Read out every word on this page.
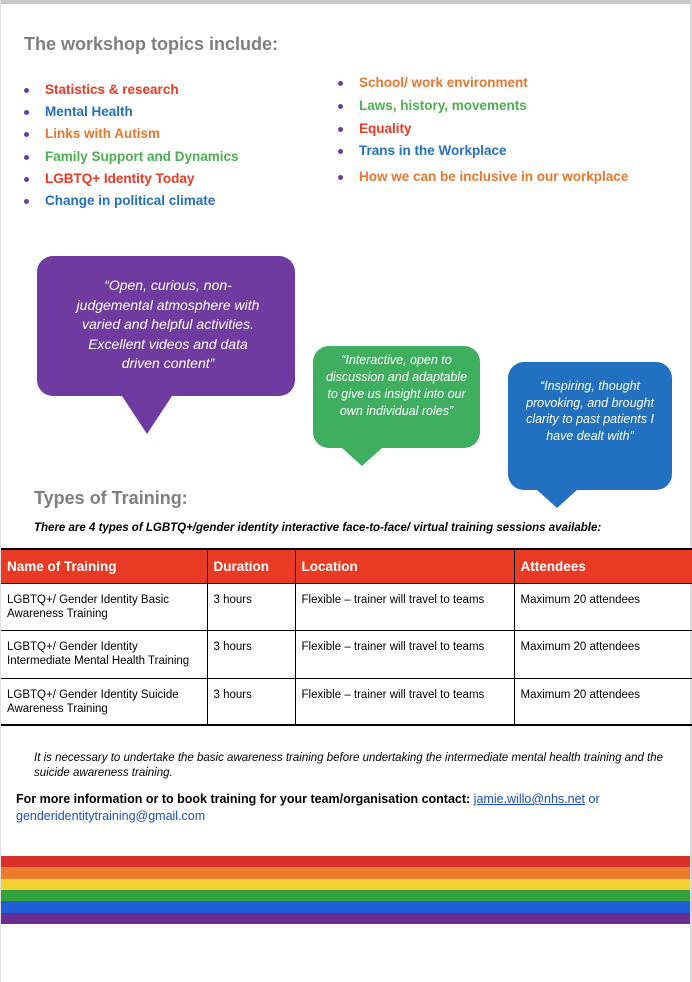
The workshop topics include:
Statistics & research
Mental Health
Links with Autism
Family Support and Dynamics
LGBTQ+ Identity Today
Change in political climate
School/ work environment
Laws, history, movements
Equality
Trans in the Workplace
How we can be inclusive in our workplace
“Open, curious, non-judgemental atmosphere with varied and helpful activities. Excellent videos and data driven content”	“Interactive, open to discussion and adaptable to give us insight into our own individual roles”
“Inspiring, thought provoking, and brought clarity to past patients I have dealt with”
Types of Training:
There are 4 types of LGBTQ+/gender identity interactive face-to-face/ virtual training sessions available:
Name of Training	Duration	Location	Attendees
LGBTQ+/ Gender Identity Basic Awareness Training	3 hours	Flexible – trainer will travel to teams	Maximum 20 attendees
LGBTQ+/ Gender Identity Intermediate Mental Health Training	3 hours	Flexible – trainer will travel to teams	Maximum 20 attendees
LGBTQ+/ Gender Identity Suicide Awareness Training	3 hours	Flexible – trainer will travel to teams	Maximum 20 attendees
It is necessary to undertake the basic awareness training before undertaking the intermediate mental health training and the suicide awareness training.
For more information or to book training for your team/organisation contact: jamie.willo@nhs.net or genderidentitytraining@gmail.com
